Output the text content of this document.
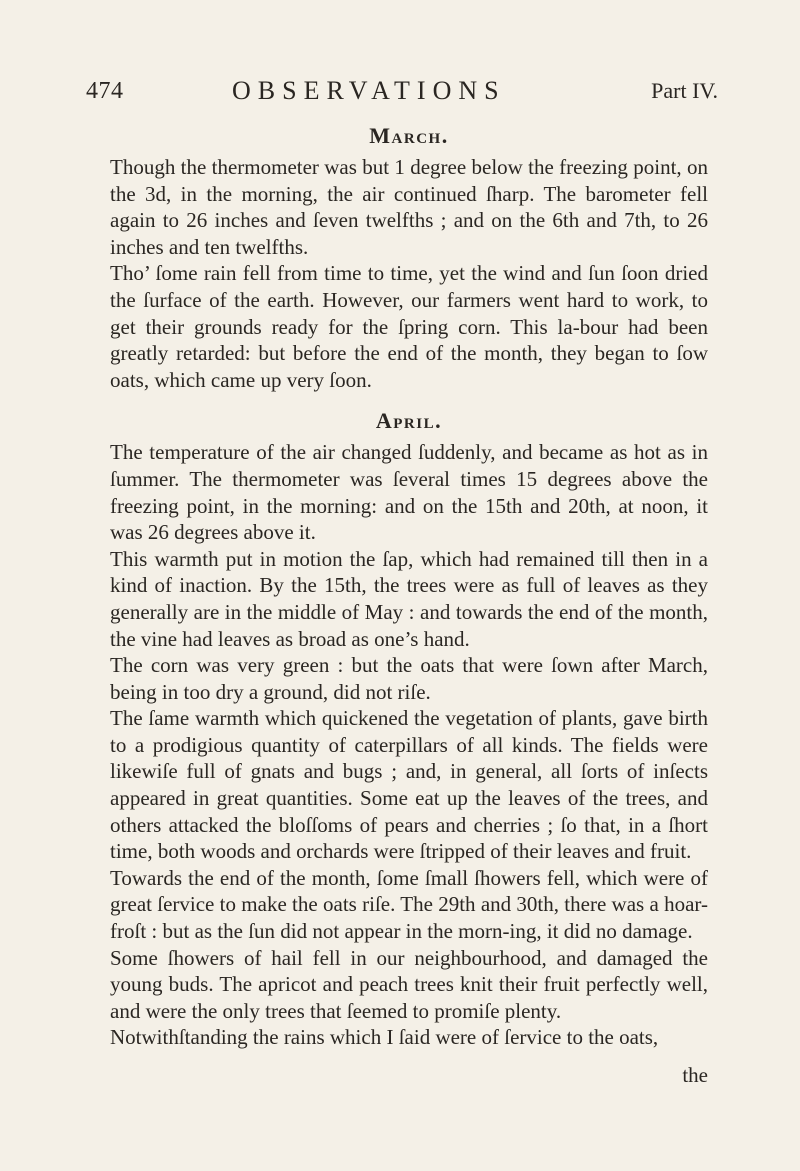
474	OBSERVATIONS	Part IV.
March.

Though the thermometer was but 1 degree below the freezing point, on the 3d, in the morning, the air continued ſharp. The barometer fell again to 26 inches and ſeven twelfths ; and on the 6th and 7th, to 26 inches and ten twelfths.

Tho’ ſome rain fell from time to time, yet the wind and ſun ſoon dried the ſurface of the earth. However, our farmers went hard to work, to get their grounds ready for the ſpring corn. This la-bour had been greatly retarded: but before the end of the month, they began to ſow oats, which came up very ſoon.

April.

The temperature of the air changed ſuddenly, and became as hot as in ſummer. The thermometer was ſeveral times 15 degrees above the freezing point, in the morning: and on the 15th and 20th, at noon, it was 26 degrees above it.

This warmth put in motion the ſap, which had remained till then in a kind of inaction. By the 15th, the trees were as full of leaves as they generally are in the middle of May : and towards the end of the month, the vine had leaves as broad as one’s hand.

The corn was very green : but the oats that were ſown after March, being in too dry a ground, did not riſe.

The ſame warmth which quickened the vegetation of plants, gave birth to a prodigious quantity of caterpillars of all kinds. The fields were likewiſe full of gnats and bugs ; and, in general, all ſorts of inſects appeared in great quantities. Some eat up the leaves of the trees, and others attacked the bloſſoms of pears and cherries ; ſo that, in a ſhort time, both woods and orchards were ſtripped of their leaves and fruit.

Towards the end of the month, ſome ſmall ſhowers fell, which were of great ſervice to make the oats riſe. The 29th and 30th, there was a hoar-froſt : but as the ſun did not appear in the morn-ing, it did no damage.

Some ſhowers of hail fell in our neighbourhood, and damaged the young buds. The apricot and peach trees knit their fruit perfectly well, and were the only trees that ſeemed to promiſe plenty.

Notwithſtanding the rains which I ſaid were of ſervice to the oats,

the
